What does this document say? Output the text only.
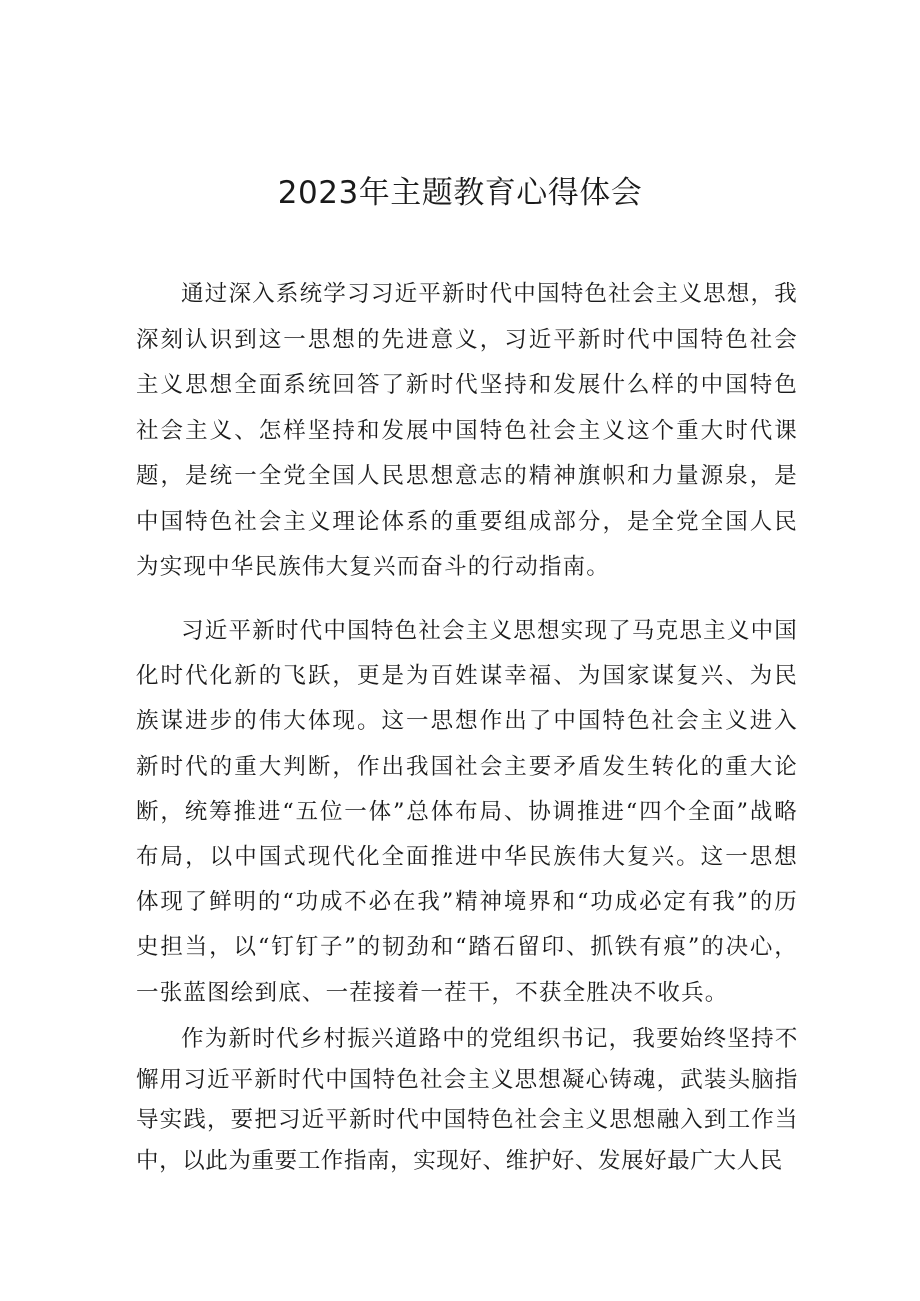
2023年主题教育心得体会

通过深入系统学习习近平新时代中国特色社会主义思想，我深刻认识到这一思想的先进意义，习近平新时代中国特色社会主义思想全面系统回答了新时代坚持和发展什么样的中国特色社会主义、怎样坚持和发展中国特色社会主义这个重大时代课题，是统一全党全国人民思想意志的精神旗帜和力量源泉，是中国特色社会主义理论体系的重要组成部分，是全党全国人民为实现中华民族伟大复兴而奋斗的行动指南。

习近平新时代中国特色社会主义思想实现了马克思主义中国化时代化新的飞跃，更是为百姓谋幸福、为国家谋复兴、为民族谋进步的伟大体现。这一思想作出了中国特色社会主义进入新时代的重大判断，作出我国社会主要矛盾发生转化的重大论断，统筹推进“五位一体”总体布局、协调推进“四个全面”战略布局，以中国式现代化全面推进中华民族伟大复兴。这一思想体现了鲜明的“功成不必在我”精神境界和“功成必定有我”的历史担当，以“钉钉子”的韧劲和“踏石留印、抓铁有痕”的决心，一张蓝图绘到底、一茬接着一茬干，不获全胜决不收兵。

作为新时代乡村振兴道路中的党组织书记，我要始终坚持不懈用习近平新时代中国特色社会主义思想凝心铸魂，武装头脑指导实践，要把习近平新时代中国特色社会主义思想融入到工作当中，以此为重要工作指南，实现好、维护好、发展好最广大人民
